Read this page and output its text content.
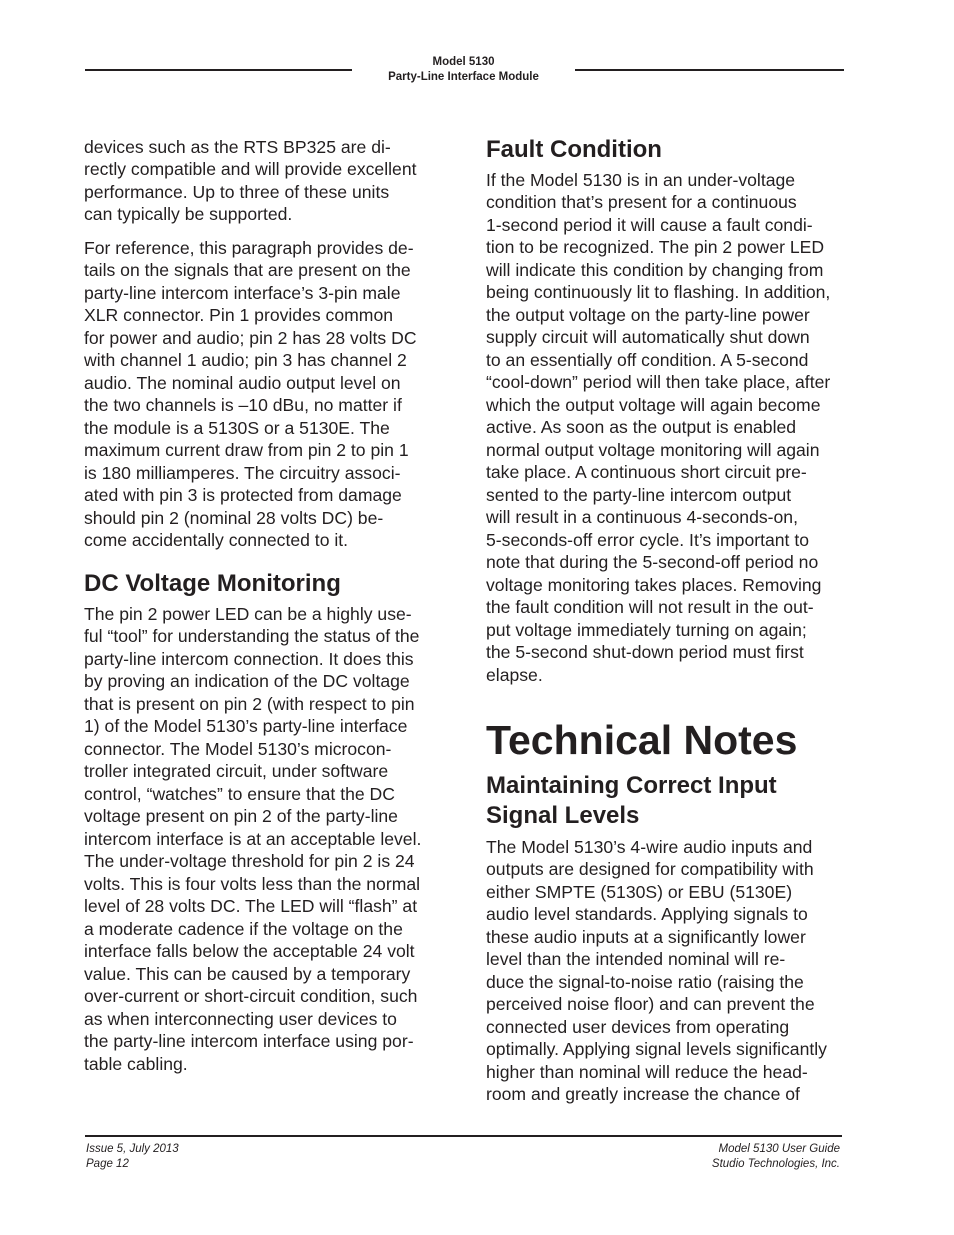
Model 5130
Party-Line Interface Module
devices such as the RTS BP325 are di-
rectly compatible and will provide excellent
performance. Up to three of these units
can typically be supported.
For reference, this paragraph provides de-
tails on the signals that are present on the
party-line intercom interface’s 3-pin male
XLR connector. Pin 1 provides common
for power and audio; pin 2 has 28 volts DC
with channel 1 audio; pin 3 has channel 2
audio. The nominal audio output level on
the two channels is –10 dBu, no matter if
the module is a 5130S or a 5130E. The
maximum current draw from pin 2 to pin 1
is 180 milliamperes. The circuitry associ-
ated with pin 3 is protected from damage
should pin 2 (nominal 28 volts DC) be-
come accidentally connected to it.
DC Voltage Monitoring
The pin 2 power LED can be a highly use-
ful “tool” for understanding the status of the
party-line intercom connection. It does this
by proving an indication of the DC voltage
that is present on pin 2 (with respect to pin
1) of the Model 5130’s party-line interface
connector. The Model 5130’s microcon-
troller integrated circuit, under software
control, “watches” to ensure that the DC
voltage present on pin 2 of the party-line
intercom interface is at an acceptable level.
The under-voltage threshold for pin 2 is 24
volts. This is four volts less than the normal
level of 28 volts DC. The LED will “flash” at
a moderate cadence if the voltage on the
interface falls below the acceptable 24 volt
value. This can be caused by a temporary
over-current or short-circuit condition, such
as when interconnecting user devices to
the party-line intercom interface using por-
table cabling.
Fault Condition
If the Model 5130 is in an under-voltage
condition that’s present for a continuous
1-second period it will cause a fault condi-
tion to be recognized. The pin 2 power LED
will indicate this condition by changing from
being continuously lit to flashing. In addition,
the output voltage on the party-line power
supply circuit will automatically shut down
to an essentially off condition. A 5-second
“cool-down” period will then take place, after
which the output voltage will again become
active. As soon as the output is enabled
normal output voltage monitoring will again
take place. A continuous short circuit pre-
sented to the party-line intercom output
will result in a continuous 4-seconds-on,
5-seconds-off error cycle. It’s important to
note that during the 5-second-off period no
voltage monitoring takes places. Removing
the fault condition will not result in the out-
put voltage immediately turning on again;
the 5-second shut-down period must first
elapse.
Technical Notes
Maintaining Correct Input
Signal Levels
The Model 5130’s 4-wire audio inputs and
outputs are designed for compatibility with
either SMPTE (5130S) or EBU (5130E)
audio level standards. Applying signals to
these audio inputs at a significantly lower
level than the intended nominal will re-
duce the signal-to-noise ratio (raising the
perceived noise floor) and can prevent the
connected user devices from operating
optimally. Applying signal levels significantly
higher than nominal will reduce the head-
room and greatly increase the chance of
Issue 5, July 2013
Page 12
Model 5130 User Guide
Studio Technologies, Inc.
